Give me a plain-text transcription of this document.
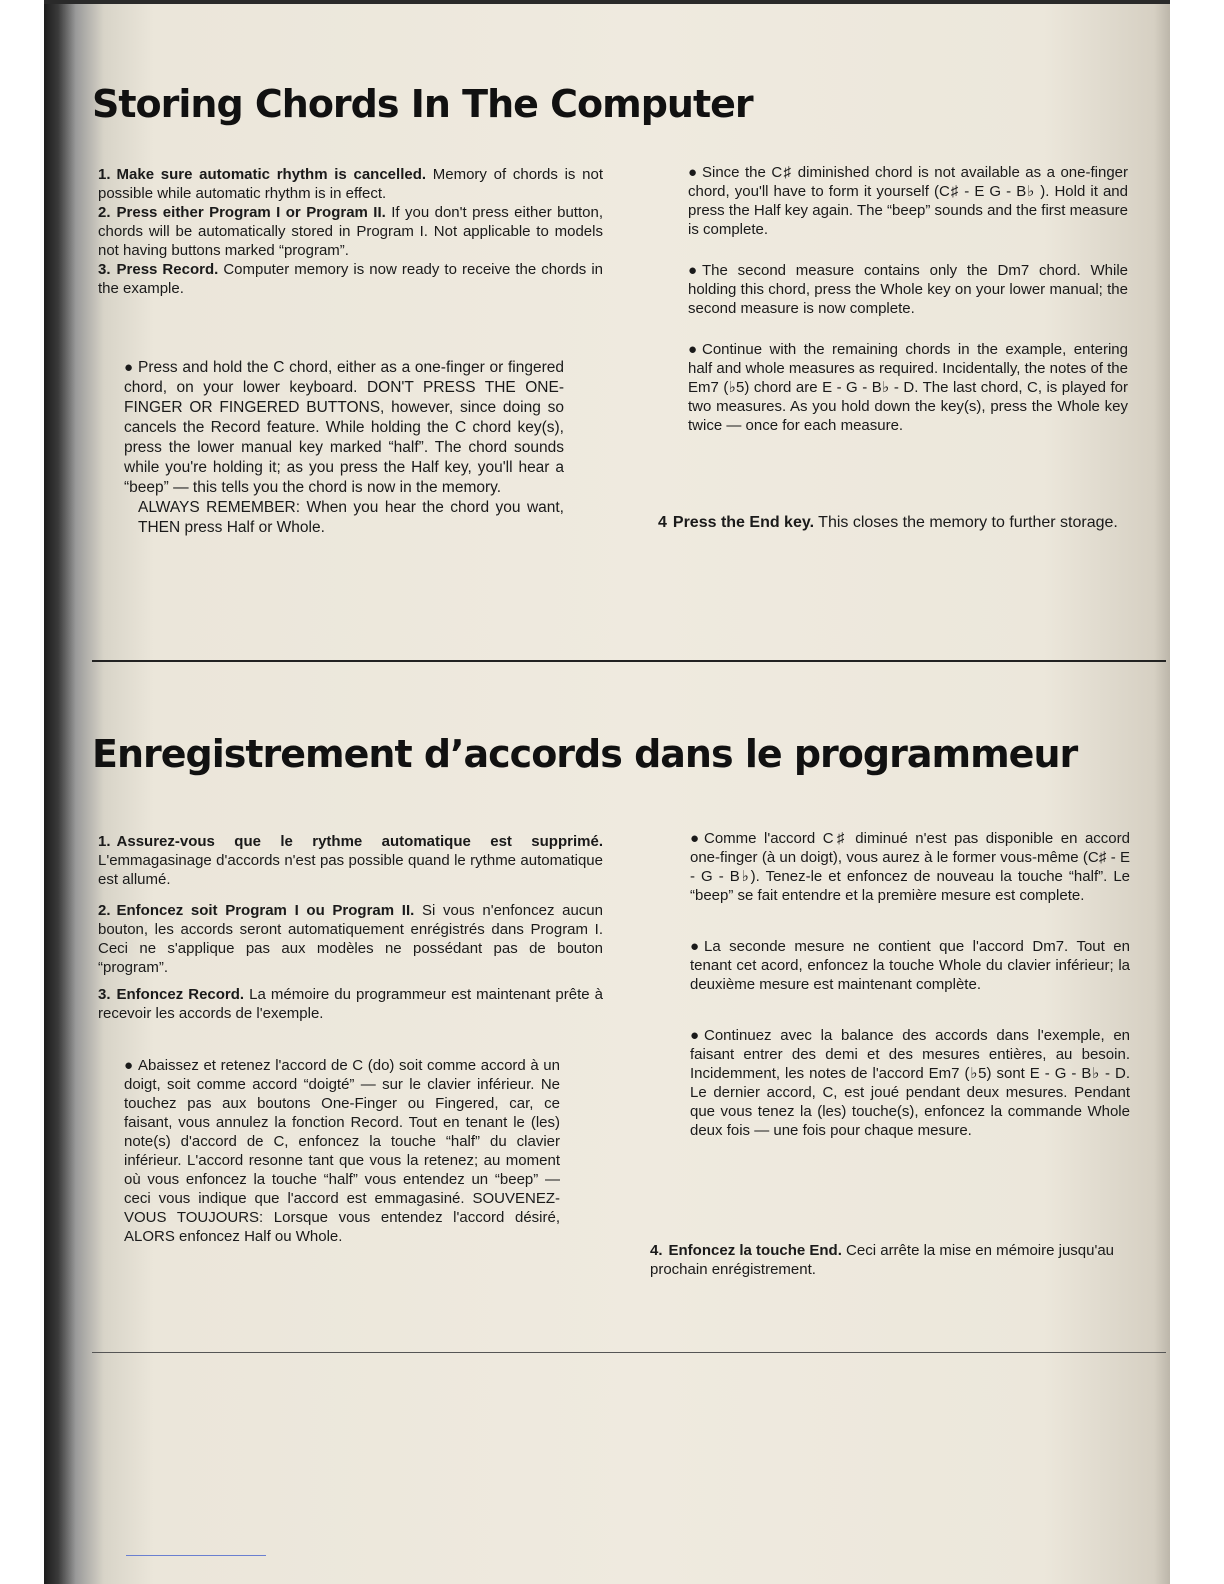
Storing Chords In The Computer

1. Make sure automatic rhythm is cancelled. Memory of chords is not possible while automatic rhythm is in effect.

2. Press either Program I or Program II. If you don't press either button, chords will be automatically stored in Program I. Not applicable to models not having buttons marked “program”.

3. Press Record. Computer memory is now ready to receive the chords in the example.

● Press and hold the C chord, either as a one-finger or fingered chord, on your lower keyboard. DON'T PRESS THE ONE-FINGER OR FINGERED BUTTONS, however, since doing so cancels the Record feature. While holding the C chord key(s), press the lower manual key marked “half”. The chord sounds while you're holding it; as you press the Half key, you'll hear a “beep” — this tells you the chord is now in the memory.

ALWAYS REMEMBER: When you hear the chord you want, THEN press Half or Whole.

● Since the C♯ diminished chord is not available as a one-finger chord, you'll have to form it yourself (C♯ - E G - B♭ ). Hold it and press the Half key again. The “beep” sounds and the first measure is complete.

● The second measure contains only the Dm7 chord. While holding this chord, press the Whole key on your lower manual; the second measure is now complete.

● Continue with the remaining chords in the example, entering half and whole measures as required. Incidentally, the notes of the Em7 (♭5) chord are E - G - B♭ - D. The last chord, C, is played for two measures. As you hold down the key(s), press the Whole key twice — once for each measure.

4 Press the End key. This closes the memory to further storage.
Enregistrement d’accords dans le programmeur

1. Assurez-vous que le rythme automatique est supprimé. L'emmagasinage d'accords n'est pas possible quand le rythme automatique est allumé.

2. Enfoncez soit Program I ou Program II. Si vous n'enfoncez aucun bouton, les accords seront automatiquement enrégistrés dans Program I. Ceci ne s'applique pas aux modèles ne possédant pas de bouton “program”.

3. Enfoncez Record. La mémoire du programmeur est maintenant prête à recevoir les accords de l'exemple.

● Abaissez et retenez l'accord de C (do) soit comme accord à un doigt, soit comme accord “doigté” — sur le clavier inférieur. Ne touchez pas aux boutons One-Finger ou Fingered, car, ce faisant, vous annulez la fonction Record. Tout en tenant le (les) note(s) d'accord de C, enfoncez la touche “half” du clavier inférieur. L'accord resonne tant que vous la retenez; au moment où vous enfoncez la touche “half” vous entendez un “beep” — ceci vous indique que l'accord est emmagasiné. SOUVENEZ-VOUS TOUJOURS: Lorsque vous entendez l'accord désiré, ALORS enfoncez Half ou Whole.

● Comme l'accord C♯ diminué n'est pas disponible en accord one-finger (à un doigt), vous aurez à le former vous-même (C♯ - E - G - B♭). Tenez-le et enfoncez de nouveau la touche “half”. Le “beep” se fait entendre et la première mesure est complete.

● La seconde mesure ne contient que l'accord Dm7. Tout en tenant cet acord, enfoncez la touche Whole du clavier inférieur; la deuxième mesure est maintenant complète.

● Continuez avec la balance des accords dans l'exemple, en faisant entrer des demi et des mesures entières, au besoin. Incidemment, les notes de l'accord Em7 (♭5) sont E - G - B♭ - D. Le dernier accord, C, est joué pendant deux mesures. Pendant que vous tenez la (les) touche(s), enfoncez la commande Whole deux fois — une fois pour chaque mesure.

4. Enfoncez la touche End. Ceci arrête la mise en mémoire jusqu'au prochain enrégistrement.
